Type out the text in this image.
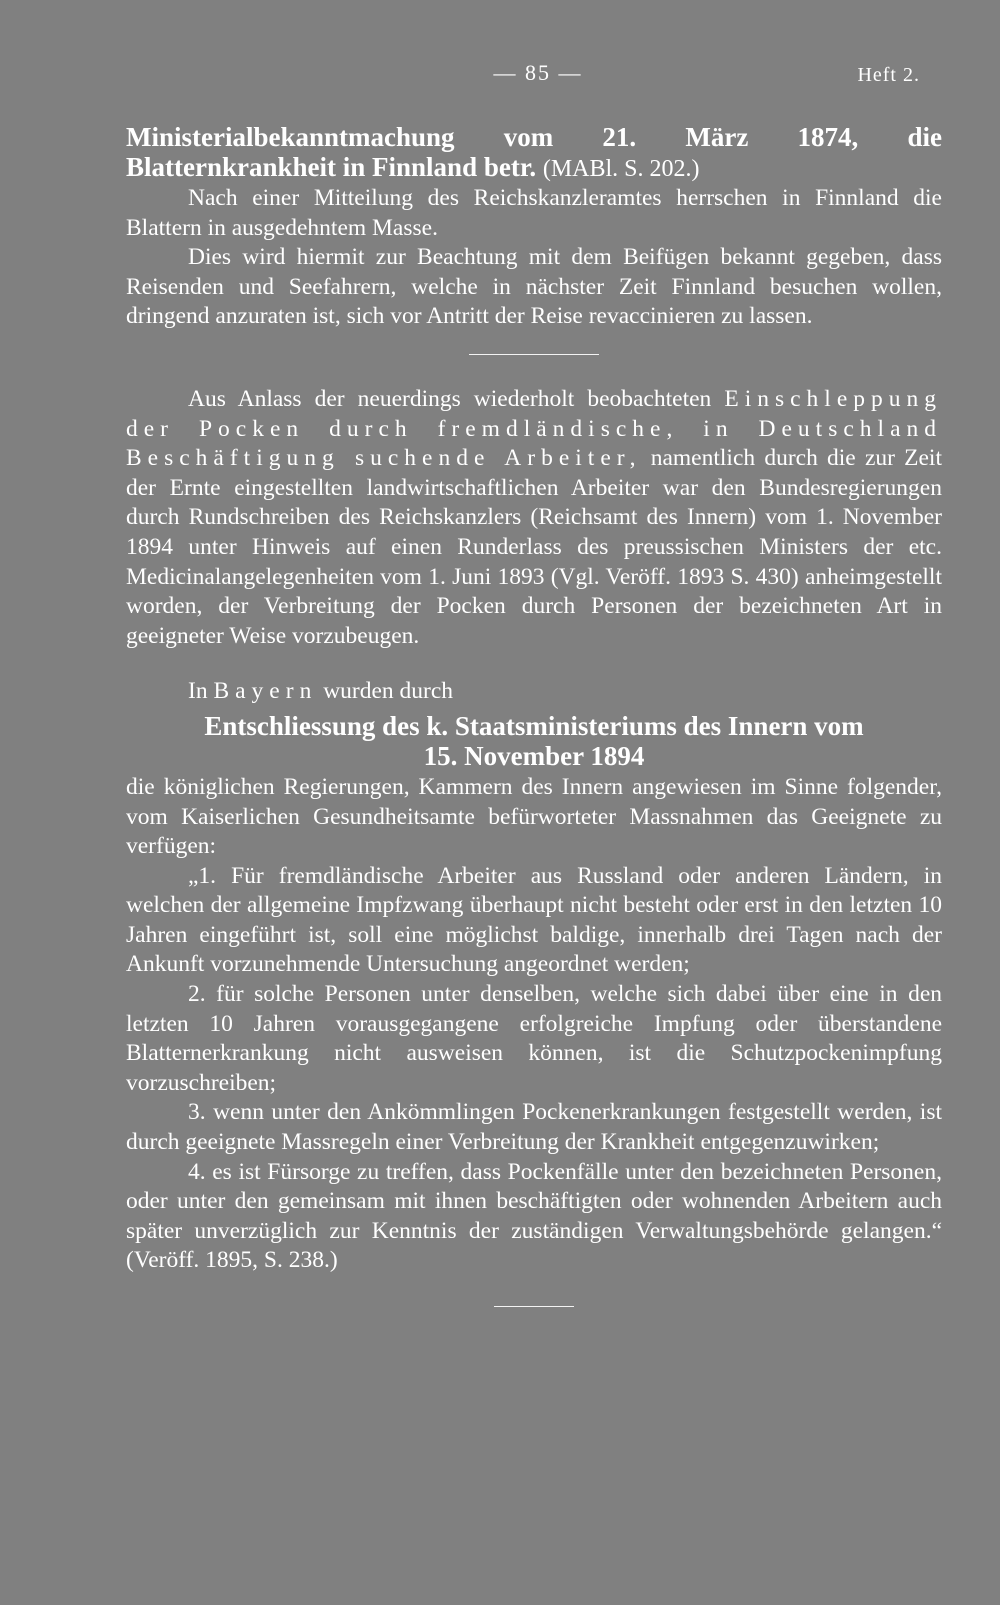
— 85 —	Heft 2.
Ministerialbekanntmachung vom 21. März 1874, die Blatternkrankheit in Finnland betr. (MABl. S. 202.)

Nach einer Mitteilung des Reichskanzleramtes herrschen in Finnland die Blattern in ausgedehntem Masse.

Dies wird hiermit zur Beachtung mit dem Beifügen bekannt gegeben, dass Reisenden und Seefahrern, welche in nächster Zeit Finnland besuchen wollen, dringend anzuraten ist, sich vor Antritt der Reise revaccinieren zu lassen.

Aus Anlass der neuerdings wiederholt beobachteten Einschleppung der Pocken durch fremdländische, in Deutschland Beschäftigung suchende Arbeiter, namentlich durch die zur Zeit der Ernte eingestellten landwirtschaftlichen Arbeiter war den Bundesregierungen durch Rundschreiben des Reichskanzlers (Reichsamt des Innern) vom 1. November 1894 unter Hinweis auf einen Runderlass des preussischen Ministers der etc. Medicinalangelegenheiten vom 1. Juni 1893 (Vgl. Veröff. 1893 S. 430) anheimgestellt worden, der Verbreitung der Pocken durch Personen der bezeichneten Art in geeigneter Weise vorzubeugen.

In Bayern wurden durch

Entschliessung des k. Staatsministeriums des Innern vom
15. November 1894

die königlichen Regierungen, Kammern des Innern angewiesen im Sinne folgender, vom Kaiserlichen Gesundheitsamte befürworteter Massnahmen das Geeignete zu verfügen:

„1. Für fremdländische Arbeiter aus Russland oder anderen Ländern, in welchen der allgemeine Impfzwang überhaupt nicht besteht oder erst in den letzten 10 Jahren eingeführt ist, soll eine möglichst baldige, innerhalb drei Tagen nach der Ankunft vorzunehmende Untersuchung angeordnet werden;

2. für solche Personen unter denselben, welche sich dabei über eine in den letzten 10 Jahren vorausgegangene erfolgreiche Impfung oder überstandene Blatternerkrankung nicht ausweisen können, ist die Schutzpockenimpfung vorzuschreiben;

3. wenn unter den Ankömmlingen Pockenerkrankungen festgestellt werden, ist durch geeignete Massregeln einer Verbreitung der Krankheit entgegenzuwirken;

4. es ist Fürsorge zu treffen, dass Pockenfälle unter den bezeichneten Personen, oder unter den gemeinsam mit ihnen beschäftigten oder wohnenden Arbeitern auch später unverzüglich zur Kenntnis der zuständigen Verwaltungsbehörde gelangen.“ (Veröff. 1895, S. 238.)
